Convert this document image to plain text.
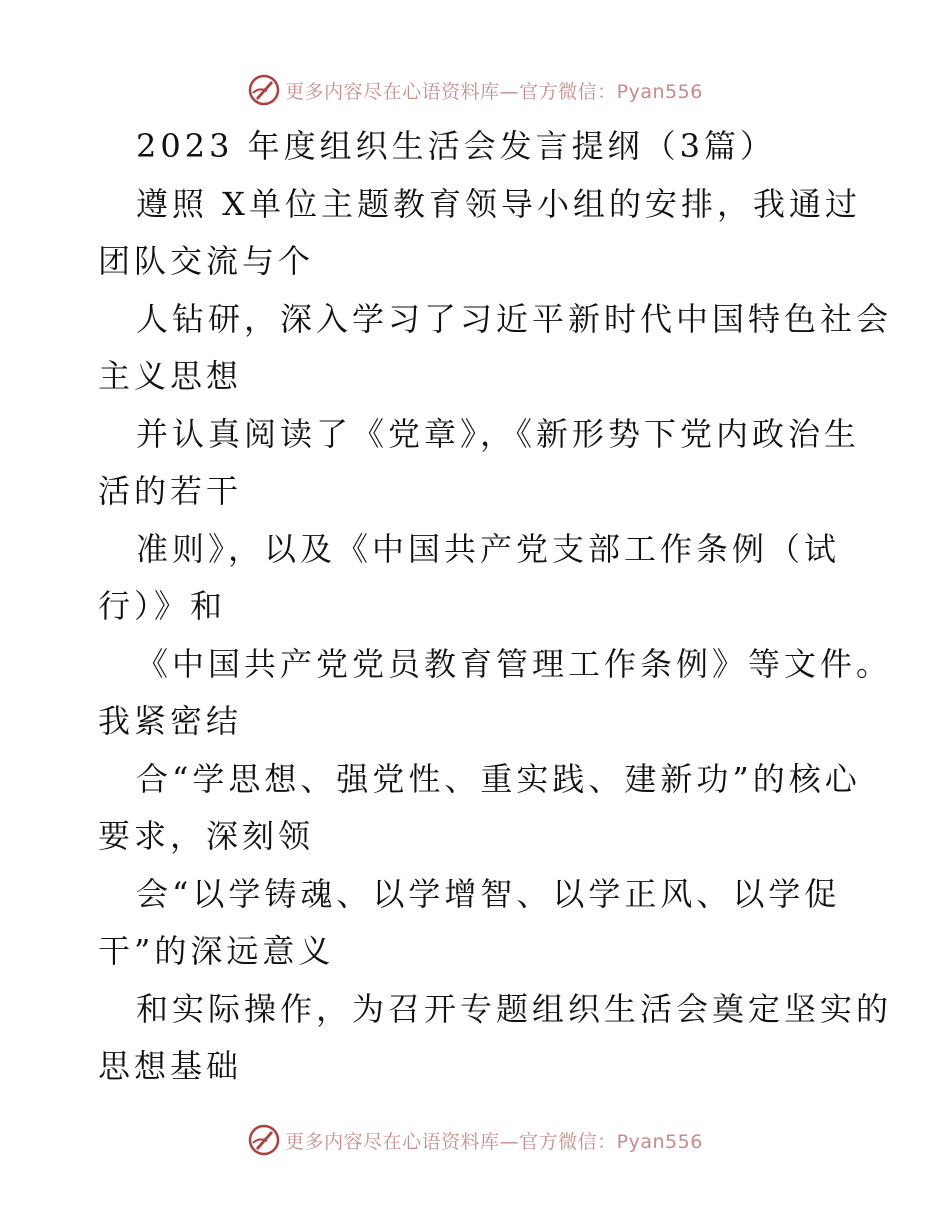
更多内容尽在心语资料库—官方微信：Pyan556
2023 年度组织生活会发言提纲（3篇）
遵照 X单位主题教育领导小组的安排，我通过
团队交流与个
人钻研，深入学习了习近平新时代中国特色社会
主义思想
并认真阅读了《党章》，《新形势下党内政治生
活的若干
准则》，以及《中国共产党支部工作条例（试
行）》和
《中国共产党党员教育管理工作条例》等文件。
我紧密结
合“学思想、强党性、重实践、建新功”的核心
要求，深刻领
会“以学铸魂、以学增智、以学正风、以学促
干”的深远意义
和实际操作，为召开专题组织生活会奠定坚实的
思想基础
更多内容尽在心语资料库—官方微信：Pyan556
